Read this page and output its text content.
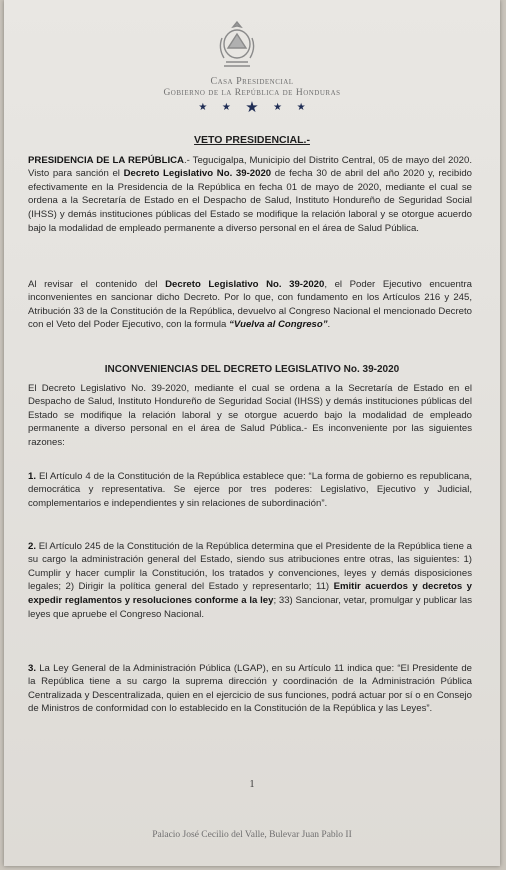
Casa Presidencial
Gobierno de la República de Honduras
★ ★ ★ ★ ★
VETO PRESIDENCIAL.-

PRESIDENCIA DE LA REPÚBLICA.- Tegucigalpa, Municipio del Distrito Central, 05 de mayo del 2020. Visto para sanción el Decreto Legislativo No. 39-2020 de fecha 30 de abril del año 2020 y, recibido efectivamente en la Presidencia de la República en fecha 01 de mayo de 2020, mediante el cual se ordena a la Secretaría de Estado en el Despacho de Salud, Instituto Hondureño de Seguridad Social (IHSS) y demás instituciones públicas del Estado se modifique la relación laboral y se otorgue acuerdo bajo la modalidad de empleado permanente a diverso personal en el área de Salud Pública.

Al revisar el contenido del Decreto Legislativo No. 39-2020, el Poder Ejecutivo encuentra inconvenientes en sancionar dicho Decreto. Por lo que, con fundamento en los Artículos 216 y 245, Atribución 33 de la Constitución de la República, devuelvo al Congreso Nacional el mencionado Decreto con el Veto del Poder Ejecutivo, con la formula “Vuelva al Congreso”.

INCONVENIENCIAS DEL DECRETO LEGISLATIVO No. 39-2020

El Decreto Legislativo No. 39-2020, mediante el cual se ordena a la Secretaría de Estado en el Despacho de Salud, Instituto Hondureño de Seguridad Social (IHSS) y demás instituciones públicas del Estado se modifique la relación laboral y se otorgue acuerdo bajo la modalidad de empleado permanente a diverso personal en el área de Salud Pública.- Es inconveniente por las siguientes razones:

1. El Artículo 4 de la Constitución de la República establece que: “La forma de gobierno es republicana, democrática y representativa. Se ejerce por tres poderes: Legislativo, Ejecutivo y Judicial, complementarios e independientes y sin relaciones de subordinación”.

2. El Artículo 245 de la Constitución de la República determina que el Presidente de la República tiene a su cargo la administración general del Estado, siendo sus atribuciones entre otras, las siguientes: 1) Cumplir y hacer cumplir la Constitución, los tratados y convenciones, leyes y demás disposiciones legales; 2) Dirigir la política general del Estado y representarlo; 11) Emitir acuerdos y decretos y expedir reglamentos y resoluciones conforme a la ley; 33) Sancionar, vetar, promulgar y publicar las leyes que apruebe el Congreso Nacional.

3. La Ley General de la Administración Pública (LGAP), en su Artículo 11 indica que: “El Presidente de la República tiene a su cargo la suprema dirección y coordinación de la Administración Pública Centralizada y Descentralizada, quien en el ejercicio de sus funciones, podrá actuar por sí o en Consejo de Ministros de conformidad con lo establecido en la Constitución de la República y las Leyes”.

1
Palacio José Cecilio del Valle, Bulevar Juan Pablo II
